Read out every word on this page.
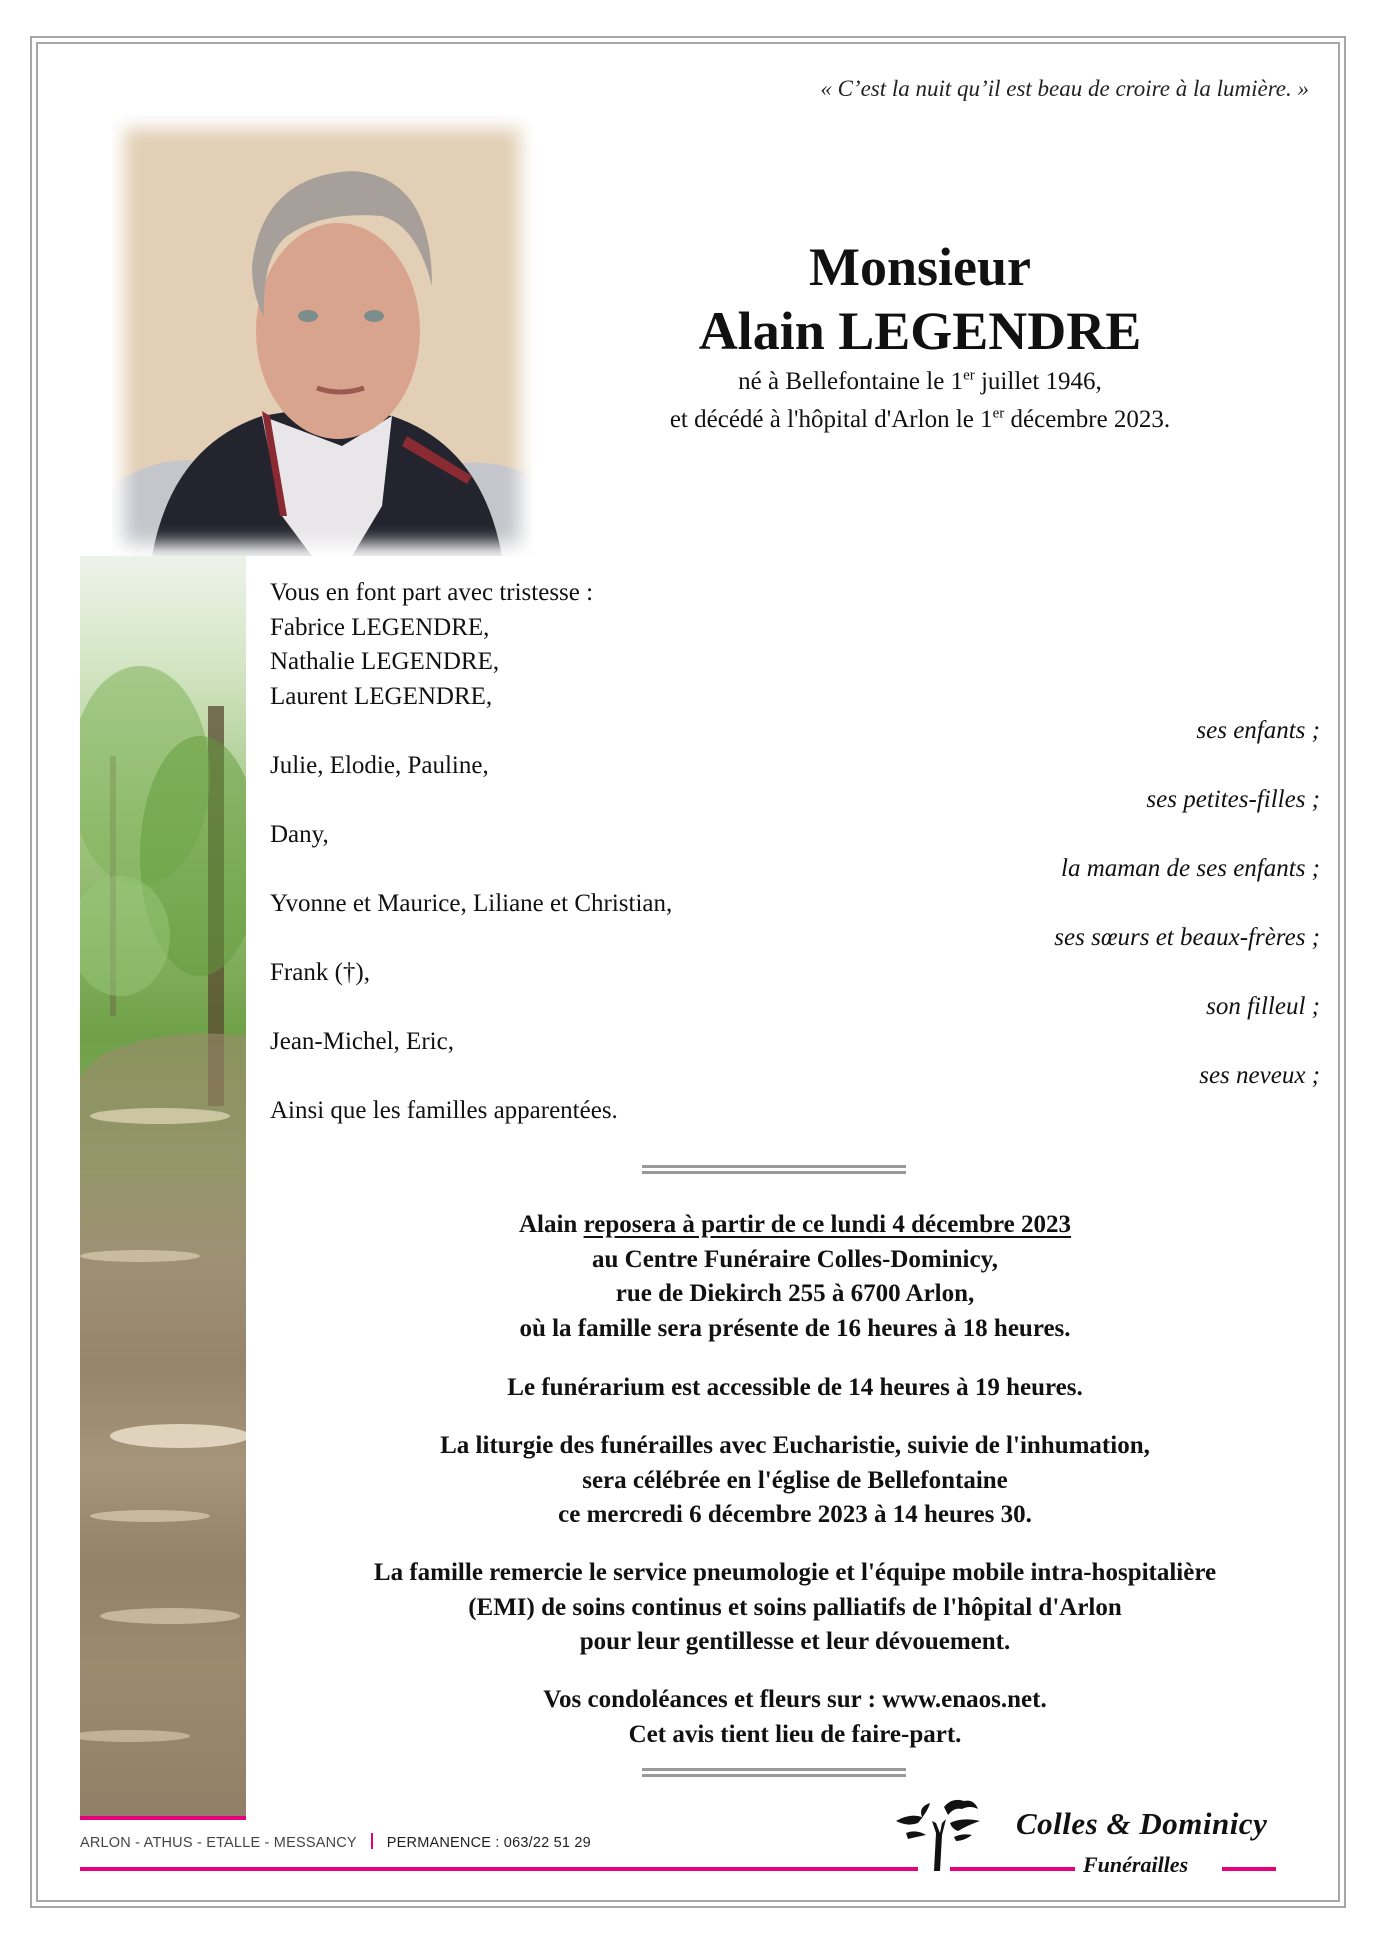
« C’est la nuit qu’il est beau de croire à la lumière. »
Monsieur
Alain LEGENDRE
né à Bellefontaine le 1er juillet 1946,
et décédé à l'hôpital d'Arlon le 1er décembre 2023.
Vous en font part avec tristesse :
Fabrice LEGENDRE,
Nathalie LEGENDRE,
Laurent LEGENDRE,
ses enfants ;
Julie, Elodie, Pauline,
ses petites-filles ;
Dany,
la maman de ses enfants ;
Yvonne et Maurice, Liliane et Christian,
ses sœurs et beaux-frères ;
Frank (†),
son filleul ;
Jean-Michel, Eric,
ses neveux ;
Ainsi que les familles apparentées.
Alain reposera à partir de ce lundi 4 décembre 2023
au Centre Funéraire Colles-Dominicy,
rue de Diekirch 255 à 6700 Arlon,
où la famille sera présente de 16 heures à 18 heures.
Le funérarium est accessible de 14 heures à 19 heures.
La liturgie des funérailles avec Eucharistie, suivie de l'inhumation,
sera célébrée en l'église de Bellefontaine
ce mercredi 6 décembre 2023 à 14 heures 30.
La famille remercie le service pneumologie et l'équipe mobile intra-hospitalière
(EMI) de soins continus et soins palliatifs de l'hôpital d'Arlon
pour leur gentillesse et leur dévouement.
Vos condoléances et fleurs sur : www.enaos.net.
Cet avis tient lieu de faire-part.
ARLON - ATHUS - ETALLE - MESSANCY PERMANENCE : 063/22 51 29
Colles & Dominicy
Funérailles
